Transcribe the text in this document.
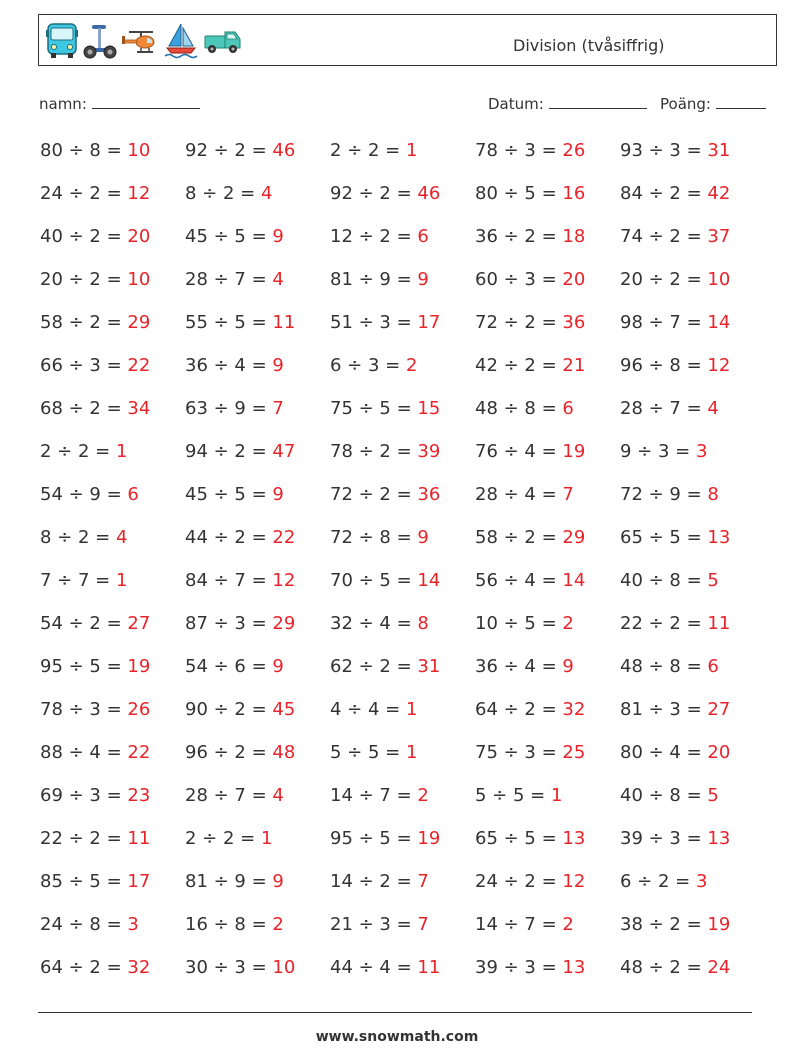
Division (tvåsiffrig)
namn:	Datum:	Poäng:
80 ÷ 8 = 10 92 ÷ 2 = 46 2 ÷ 2 = 1	78 ÷ 3 = 26 93 ÷ 3 = 31
24 ÷ 2 = 12 8 ÷ 2 = 4	92 ÷ 2 = 46 80 ÷ 5 = 16 84 ÷ 2 = 42
40 ÷ 2 = 20 45 ÷ 5 = 9	12 ÷ 2 = 6	36 ÷ 2 = 18 74 ÷ 2 = 37
20 ÷ 2 = 10 28 ÷ 7 = 4	81 ÷ 9 = 9	60 ÷ 3 = 20 20 ÷ 2 = 10
58 ÷ 2 = 29 55 ÷ 5 = 11 51 ÷ 3 = 17 72 ÷ 2 = 36 98 ÷ 7 = 14
66 ÷ 3 = 22 36 ÷ 4 = 9	6 ÷ 3 = 2	42 ÷ 2 = 21 96 ÷ 8 = 12
68 ÷ 2 = 34 63 ÷ 9 = 7	75 ÷ 5 = 15 48 ÷ 8 = 6	28 ÷ 7 = 4
2 ÷ 2 = 1	94 ÷ 2 = 47 78 ÷ 2 = 39 76 ÷ 4 = 19 9 ÷ 3 = 3
54 ÷ 9 = 6	45 ÷ 5 = 9	72 ÷ 2 = 36 28 ÷ 4 = 7	72 ÷ 9 = 8
8 ÷ 2 = 4	44 ÷ 2 = 22 72 ÷ 8 = 9	58 ÷ 2 = 29 65 ÷ 5 = 13
7 ÷ 7 = 1	84 ÷ 7 = 12 70 ÷ 5 = 14 56 ÷ 4 = 14 40 ÷ 8 = 5
54 ÷ 2 = 27 87 ÷ 3 = 29 32 ÷ 4 = 8	10 ÷ 5 = 2	22 ÷ 2 = 11
95 ÷ 5 = 19 54 ÷ 6 = 9	62 ÷ 2 = 31 36 ÷ 4 = 9	48 ÷ 8 = 6
78 ÷ 3 = 26 90 ÷ 2 = 45 4 ÷ 4 = 1	64 ÷ 2 = 32 81 ÷ 3 = 27
88 ÷ 4 = 22 96 ÷ 2 = 48 5 ÷ 5 = 1	75 ÷ 3 = 25 80 ÷ 4 = 20
69 ÷ 3 = 23 28 ÷ 7 = 4	14 ÷ 7 = 2	5 ÷ 5 = 1	40 ÷ 8 = 5
22 ÷ 2 = 11 2 ÷ 2 = 1	95 ÷ 5 = 19 65 ÷ 5 = 13 39 ÷ 3 = 13
85 ÷ 5 = 17 81 ÷ 9 = 9	14 ÷ 2 = 7	24 ÷ 2 = 12 6 ÷ 2 = 3
24 ÷ 8 = 3	16 ÷ 8 = 2	21 ÷ 3 = 7	14 ÷ 7 = 2	38 ÷ 2 = 19
64 ÷ 2 = 32 30 ÷ 3 = 10 44 ÷ 4 = 11 39 ÷ 3 = 13 48 ÷ 2 = 24
www.snowmath.com
